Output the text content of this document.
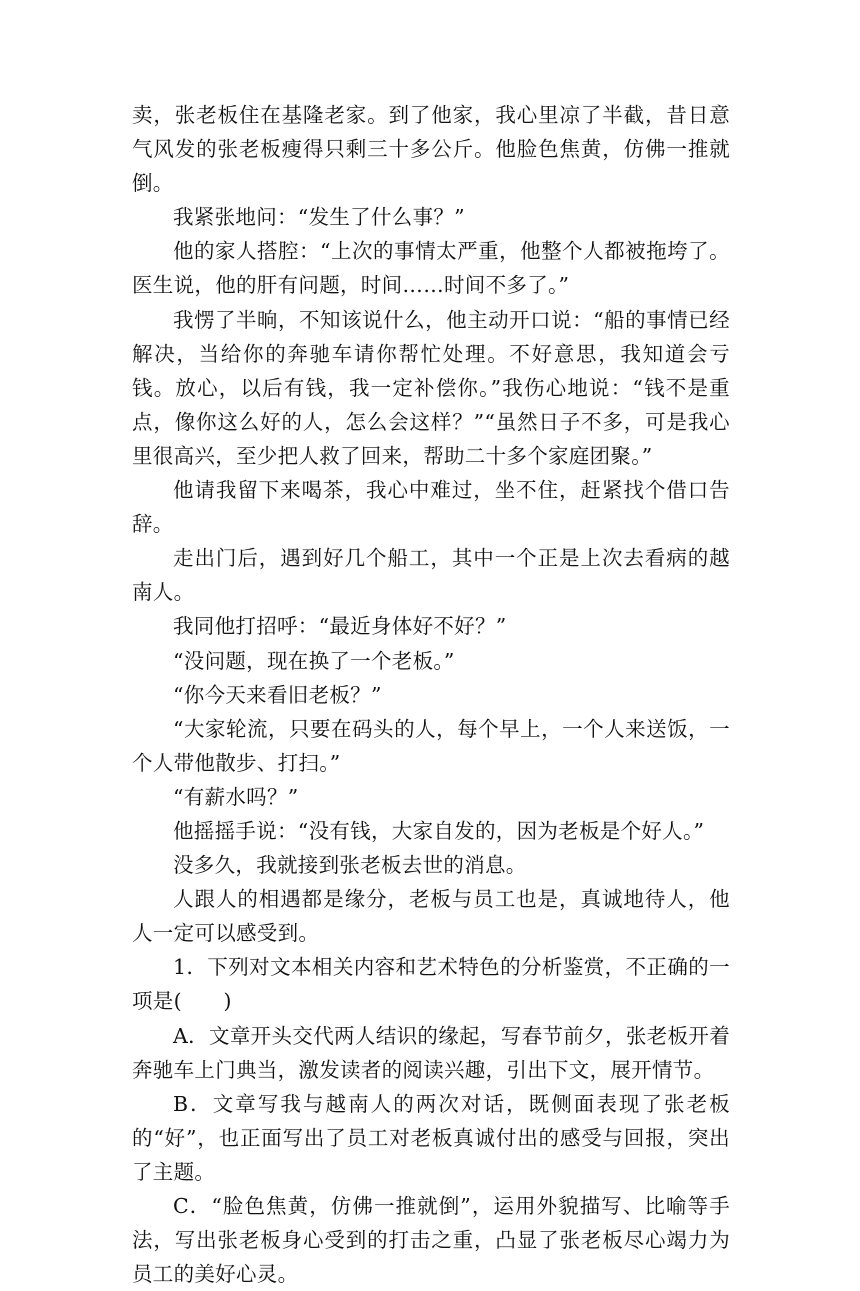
卖，张老板住在基隆老家。到了他家，我心里凉了半截，昔日意气风发的张老板瘦得只剩三十多公斤。他脸色焦黄，仿佛一推就倒。

我紧张地问：“发生了什么事？”

他的家人搭腔：“上次的事情太严重，他整个人都被拖垮了。医生说，他的肝有问题，时间……时间不多了。”

我愣了半晌，不知该说什么，他主动开口说：“船的事情已经解决，当给你的奔驰车请你帮忙处理。不好意思，我知道会亏钱。放心，以后有钱，我一定补偿你。”我伤心地说：“钱不是重点，像你这么好的人，怎么会这样？”“虽然日子不多，可是我心里很高兴，至少把人救了回来，帮助二十多个家庭团聚。”

他请我留下来喝茶，我心中难过，坐不住，赶紧找个借口告辞。

走出门后，遇到好几个船工，其中一个正是上次去看病的越南人。

我同他打招呼：“最近身体好不好？”

“没问题，现在换了一个老板。”

“你今天来看旧老板？”

“大家轮流，只要在码头的人，每个早上，一个人来送饭，一个人带他散步、打扫。”

“有薪水吗？”

他摇摇手说：“没有钱，大家自发的，因为老板是个好人。”

没多久，我就接到张老板去世的消息。

人跟人的相遇都是缘分，老板与员工也是，真诚地待人，他人一定可以感受到。

1．下列对文本相关内容和艺术特色的分析鉴赏，不正确的一项是(　　)

A．文章开头交代两人结识的缘起，写春节前夕，张老板开着奔驰车上门典当，激发读者的阅读兴趣，引出下文，展开情节。

B．文章写我与越南人的两次对话，既侧面表现了张老板的“好”，也正面写出了员工对老板真诚付出的感受与回报，突出了主题。

C．“脸色焦黄，仿佛一推就倒”，运用外貌描写、比喻等手法，写出张老板身心受到的打击之重，凸显了张老板尽心竭力为员工的美好心灵。
